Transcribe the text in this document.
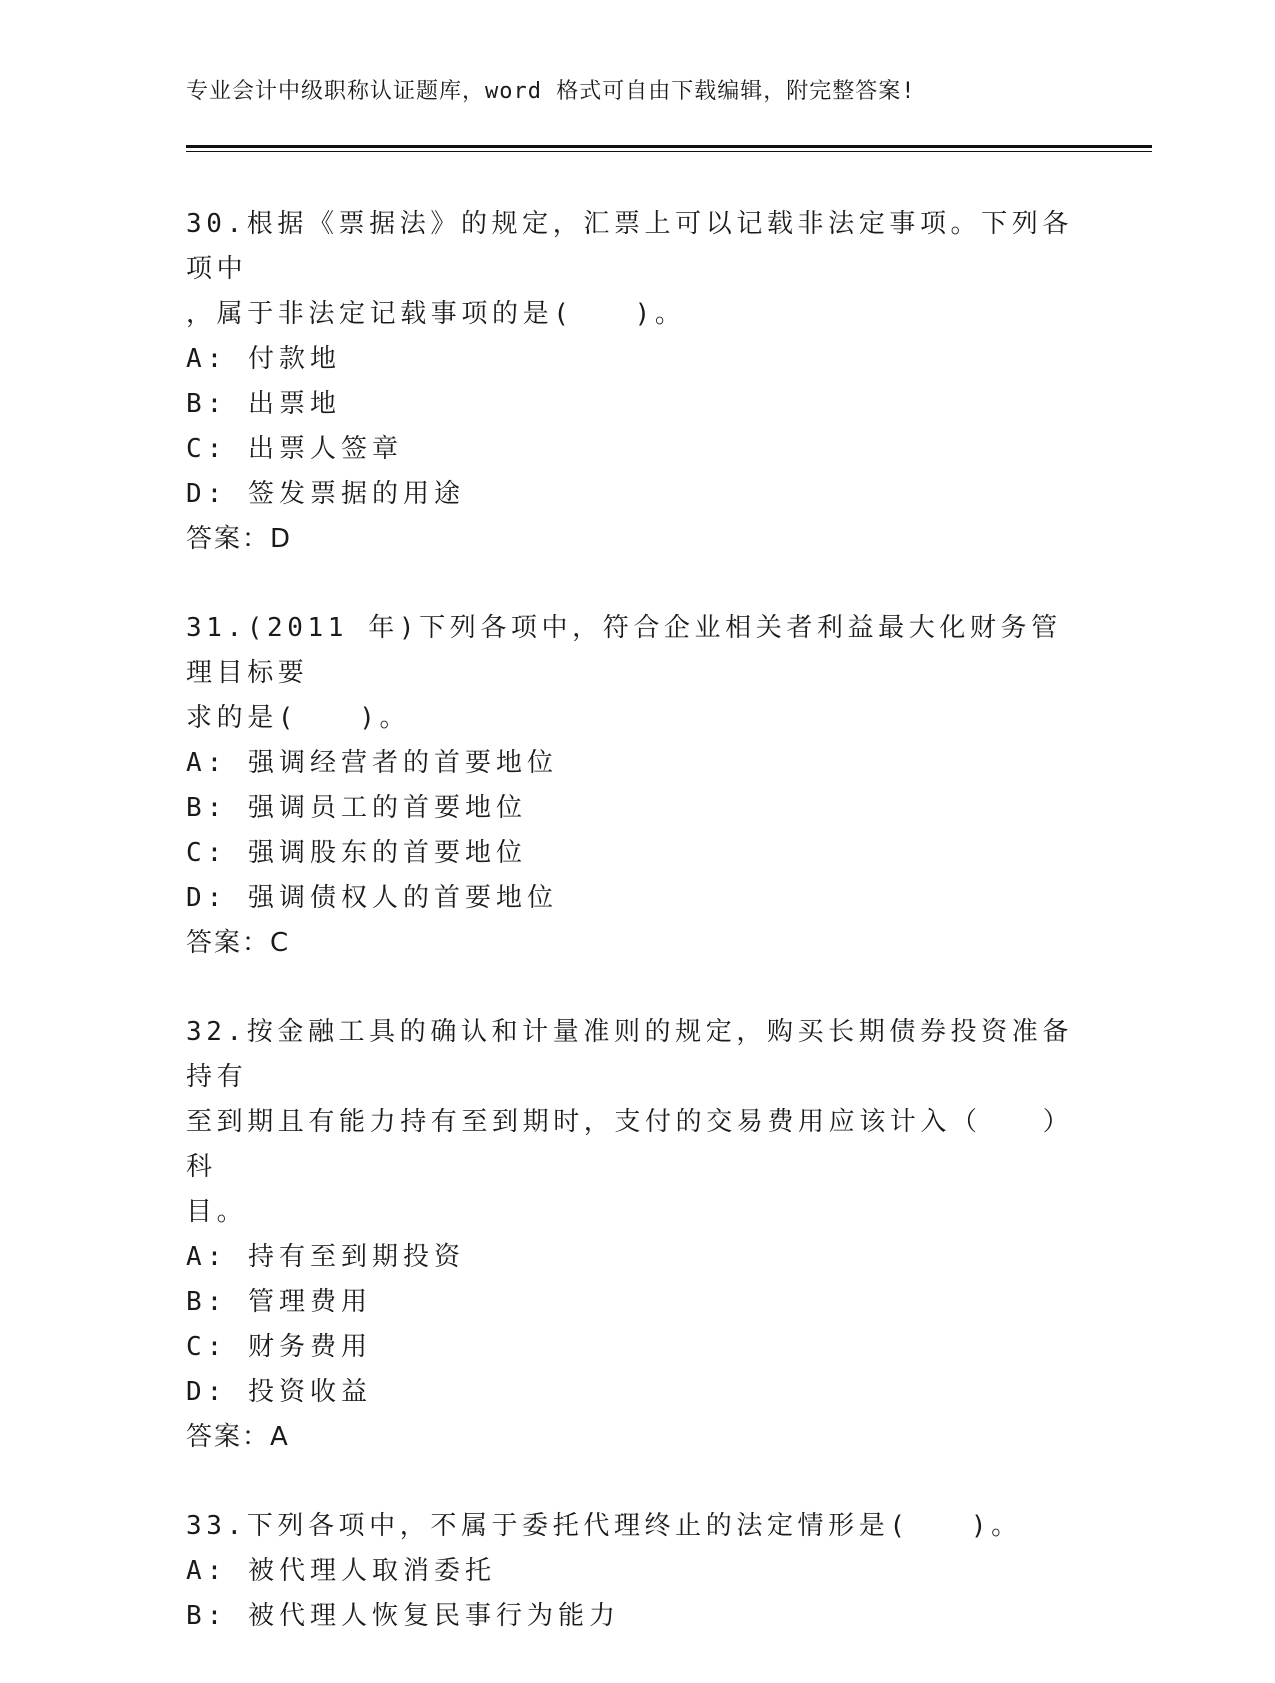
专业会计中级职称认证题库，word 格式可自由下载编辑，附完整答案!

30.根据《票据法》的规定，汇票上可以记载非法定事项。下列各项中
，属于非法定记载事项的是(　　)。

A: 付款地

B: 出票地

C: 出票人签章

D: 签发票据的用途

答案：D

31.(2011 年)下列各项中，符合企业相关者利益最大化财务管理目标要
求的是(　　)。

A: 强调经营者的首要地位

B: 强调员工的首要地位

C: 强调股东的首要地位

D: 强调债权人的首要地位

答案：C

32.按金融工具的确认和计量准则的规定，购买长期债券投资准备持有
至到期且有能力持有至到期时，支付的交易费用应该计入（　　）科
目。

A: 持有至到期投资

B: 管理费用

C: 财务费用

D: 投资收益

答案：A

33.下列各项中，不属于委托代理终止的法定情形是(　　)。

A: 被代理人取消委托

B: 被代理人恢复民事行为能力
